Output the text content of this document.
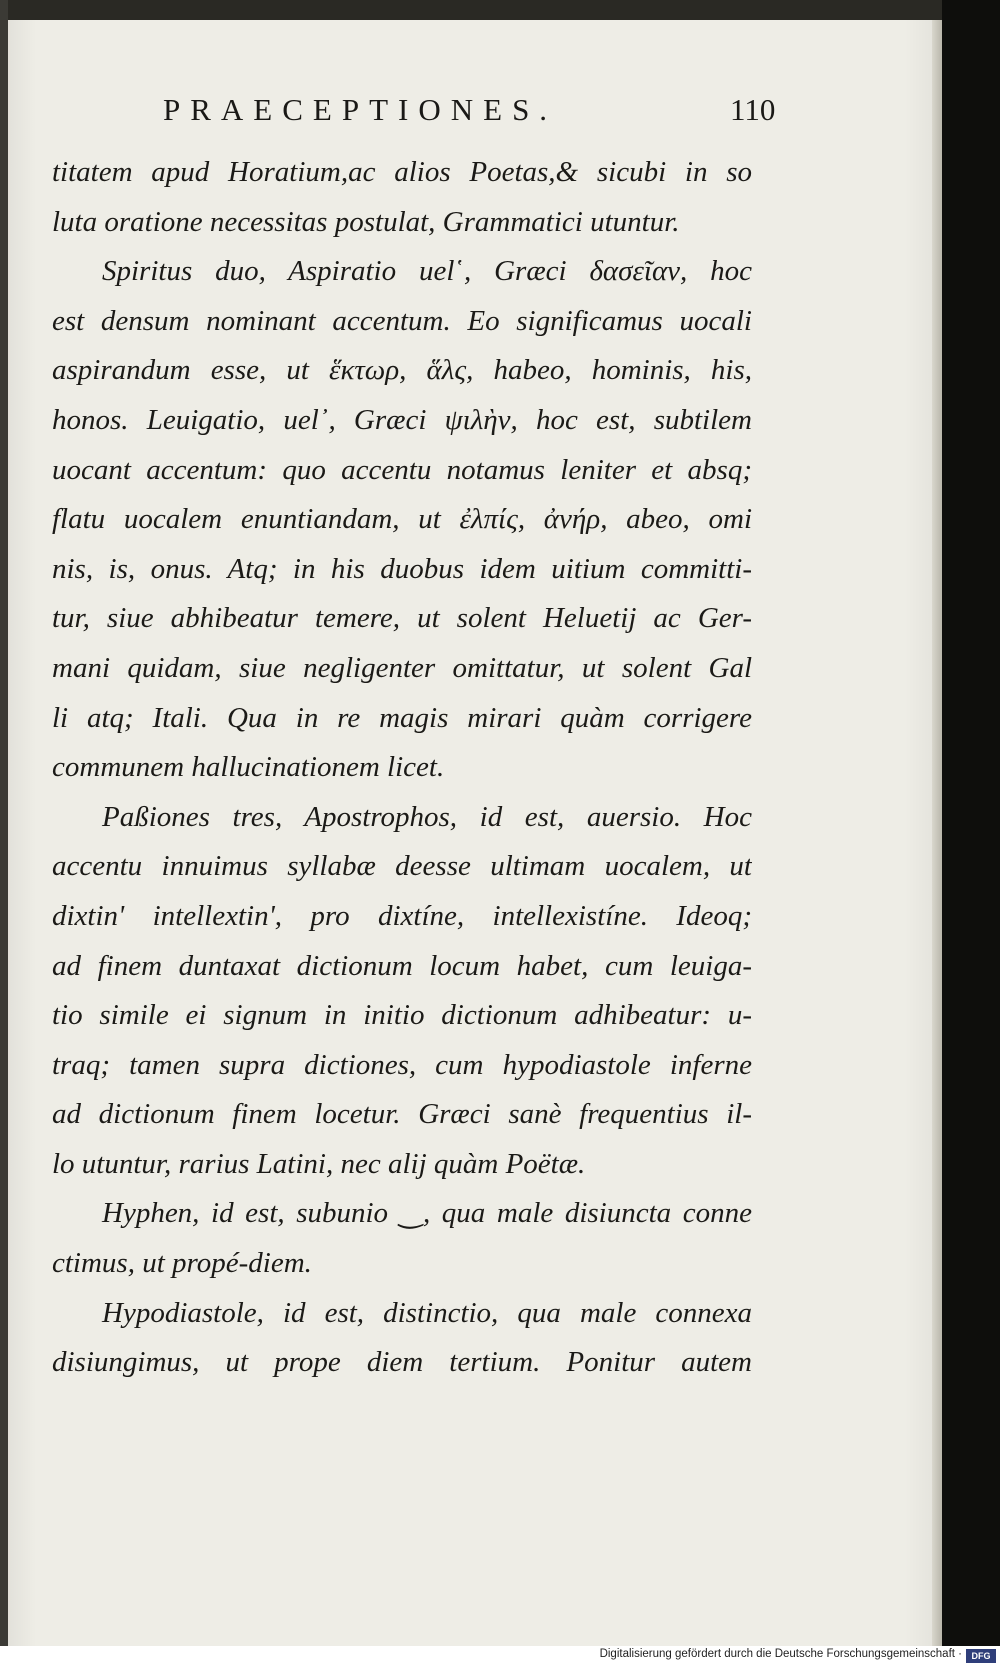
PRAECEPTIONES.	110
titatem apud Horatium,ac alios Poetas,& sicubi in so
luta oratione necessitas postulat, Grammatici utuntur.
Spiritus duo, Aspiratio uel῾, Græci δασεῖαν, hoc
est densum nominant accentum. Eo significamus uocali
aspirandum esse, ut ἕκτωρ, ἅλς, habeo, hominis, his,
honos. Leuigatio, uel᾿, Græci ψιλὴν, hoc est, subtilem
uocant accentum: quo accentu notamus leniter et absq;
flatu uocalem enuntiandam, ut ἐλπίς, ἀνήρ, abeo, omi
nis, is, onus. Atq; in his duobus idem uitium committi-
tur, siue abhibeatur temere, ut solent Heluetij ac Ger-
mani quidam, siue negligenter omittatur, ut solent Gal
li atq; Itali. Qua in re magis mirari quàm corrigere
communem hallucinationem licet.
Paßiones tres, Apostrophos, id est, auersio. Hoc
accentu innuimus syllabæ deesse ultimam uocalem, ut
dixtin' intellextin', pro dixtíne, intellexistíne. Ideoq;
ad finem duntaxat dictionum locum habet, cum leuiga-
tio simile ei signum in initio dictionum adhibeatur: u-
traq; tamen supra dictiones, cum hypodiastole inferne
ad dictionum finem locetur. Græci sanè frequentius il-
lo utuntur, rarius Latini, nec alij quàm Poëtæ.
Hyphen, id est, subunio ‿, qua male disiuncta conne
ctimus, ut propé-diem.
Hypodiastole, id est, distinctio, qua male connexa
disiungimus, ut prope diem tertium. Ponitur autem
Digitalisierung gefördert durch die Deutsche Forschungsgemeinschaft ·	DFG
